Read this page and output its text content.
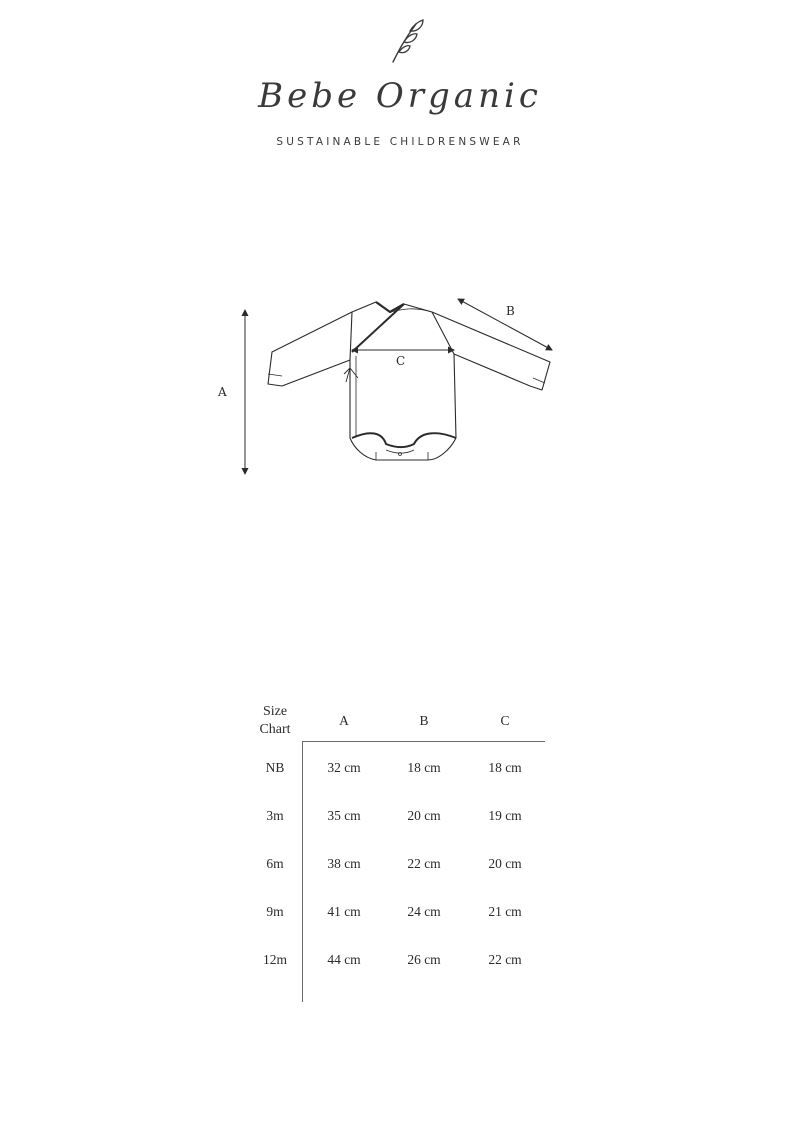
Bebe Organic
SUSTAINABLE CHILDRENSWEAR
A
B
C
Size
Chart
A	B	C
NB	32 cm	18 cm	18 cm
3m	35 cm	20 cm	19 cm
6m	38 cm	22 cm	20 cm
9m	41 cm	24 cm	21 cm
12m	44 cm	26 cm	22 cm
